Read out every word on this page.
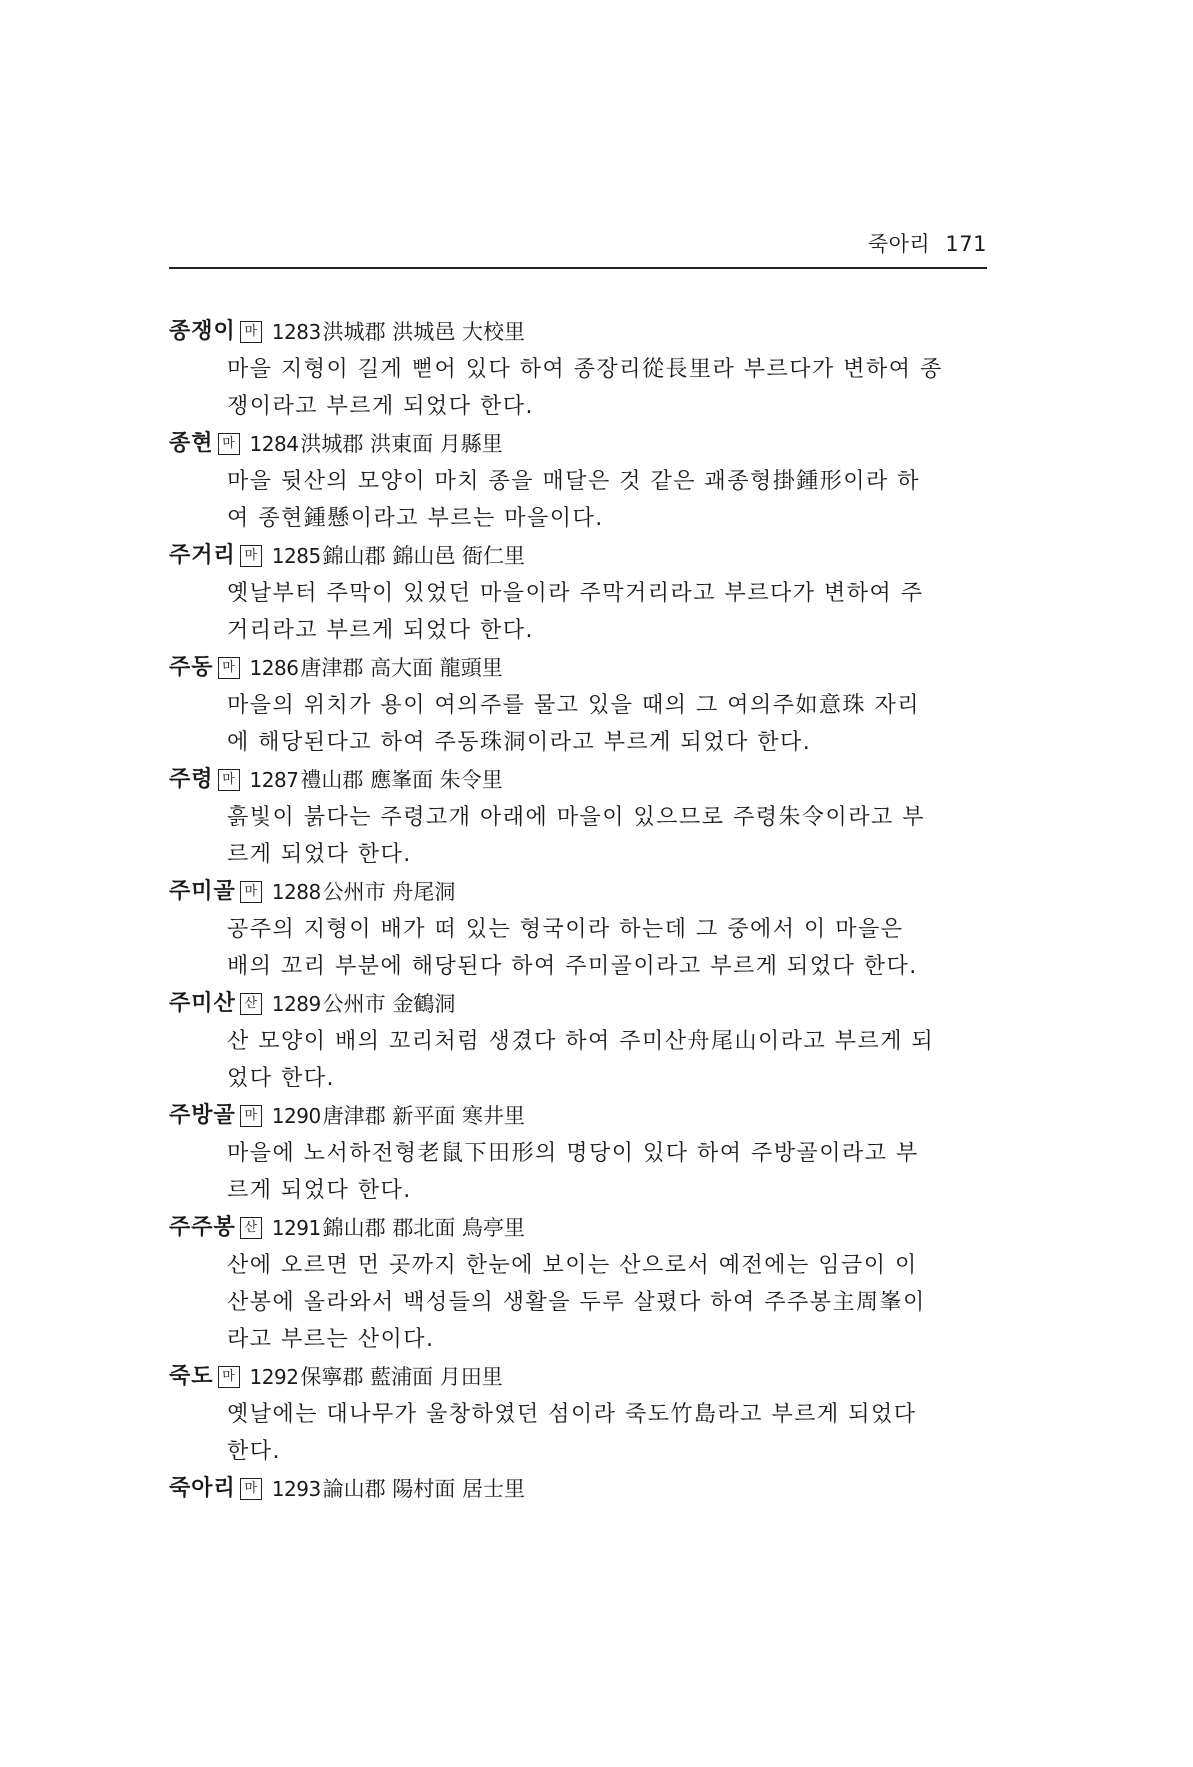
죽아리 171
종쟁이 마 1283 洪城郡 洪城邑 大校里
마을 지형이 길게 뻗어 있다 하여 종장리從長里라 부르다가 변하여 종
쟁이라고 부르게 되었다 한다.
종현 마 1284 洪城郡 洪東面 月縣里
마을 뒷산의 모양이 마치 종을 매달은 것 같은 괘종형掛鍾形이라 하
여 종현鍾懸이라고 부르는 마을이다.
주거리 마 1285 錦山郡 錦山邑 衙仁里
옛날부터 주막이 있었던 마을이라 주막거리라고 부르다가 변하여 주
거리라고 부르게 되었다 한다.
주동 마 1286 唐津郡 高大面 龍頭里
마을의 위치가 용이 여의주를 물고 있을 때의 그 여의주如意珠 자리
에 해당된다고 하여 주동珠洞이라고 부르게 되었다 한다.
주령 마 1287 禮山郡 應峯面 朱令里
흙빛이 붉다는 주령고개 아래에 마을이 있으므로 주령朱令이라고 부
르게 되었다 한다.
주미골 마 1288 公州市 舟尾洞
공주의 지형이 배가 떠 있는 형국이라 하는데 그 중에서 이 마을은
배의 꼬리 부분에 해당된다 하여 주미골이라고 부르게 되었다 한다.
주미산 산 1289 公州市 金鶴洞
산 모양이 배의 꼬리처럼 생겼다 하여 주미산舟尾山이라고 부르게 되
었다 한다.
주방골 마 1290 唐津郡 新平面 寒井里
마을에 노서하전형老鼠下田形의 명당이 있다 하여 주방골이라고 부
르게 되었다 한다.
주주봉 산 1291 錦山郡 郡北面 鳥亭里
산에 오르면 먼 곳까지 한눈에 보이는 산으로서 예전에는 임금이 이
산봉에 올라와서 백성들의 생활을 두루 살폈다 하여 주주봉主周峯이
라고 부르는 산이다.
죽도 마 1292 保寧郡 藍浦面 月田里
옛날에는 대나무가 울창하였던 섬이라 죽도竹島라고 부르게 되었다
한다.
죽아리 마 1293 論山郡 陽村面 居士里
